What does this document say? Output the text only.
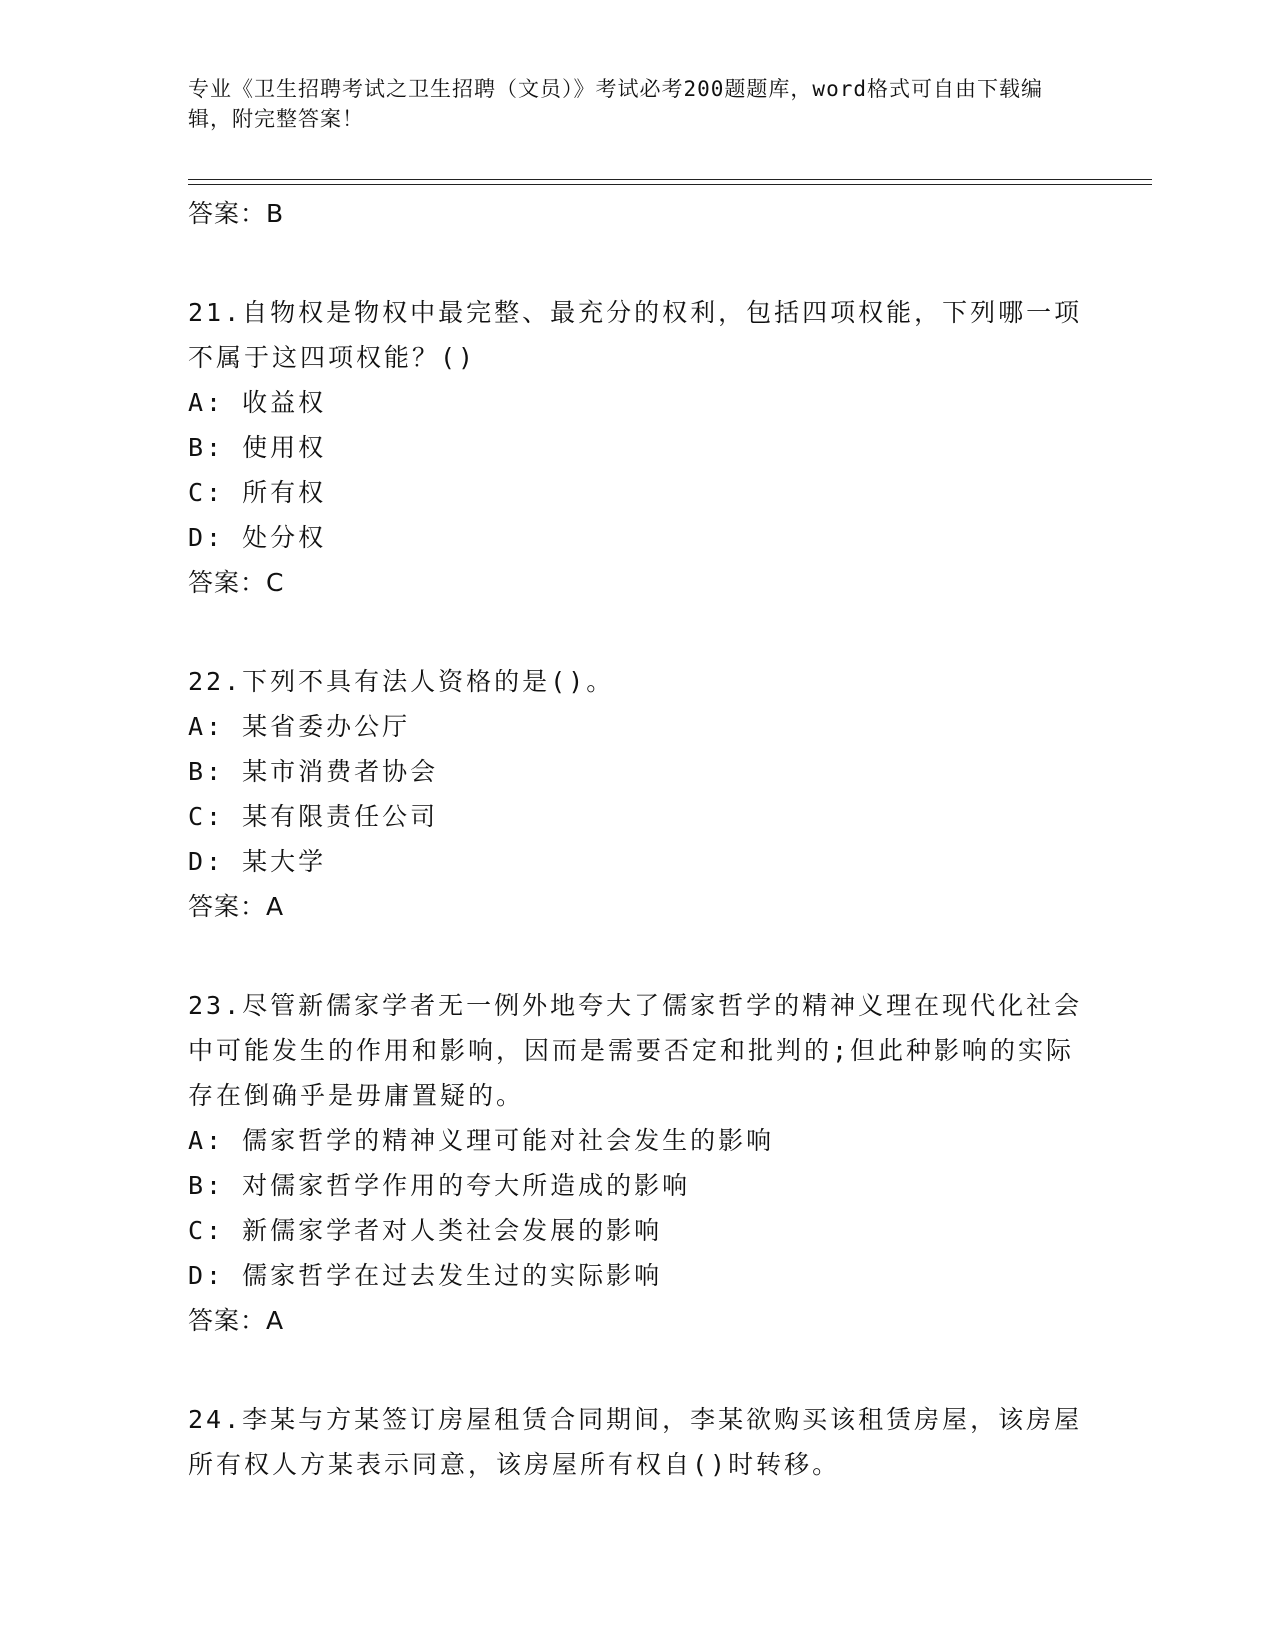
专业《卫生招聘考试之卫生招聘（文员）》考试必考200题题库，word格式可自由下载编辑，附完整答案！
答案：B
21.自物权是物权中最完整、最充分的权利，包括四项权能，下列哪一项不属于这四项权能？()
A: 收益权
B: 使用权
C: 所有权
D: 处分权
答案：C
22.下列不具有法人资格的是()。
A: 某省委办公厅
B: 某市消费者协会
C: 某有限责任公司
D: 某大学
答案：A
23.尽管新儒家学者无一例外地夸大了儒家哲学的精神义理在现代化社会中可能发生的作用和影响，因而是需要否定和批判的;但此种影响的实际存在倒确乎是毋庸置疑的。
A: 儒家哲学的精神义理可能对社会发生的影响
B: 对儒家哲学作用的夸大所造成的影响
C: 新儒家学者对人类社会发展的影响
D: 儒家哲学在过去发生过的实际影响
答案：A
24.李某与方某签订房屋租赁合同期间，李某欲购买该租赁房屋，该房屋所有权人方某表示同意，该房屋所有权自()时转移。
